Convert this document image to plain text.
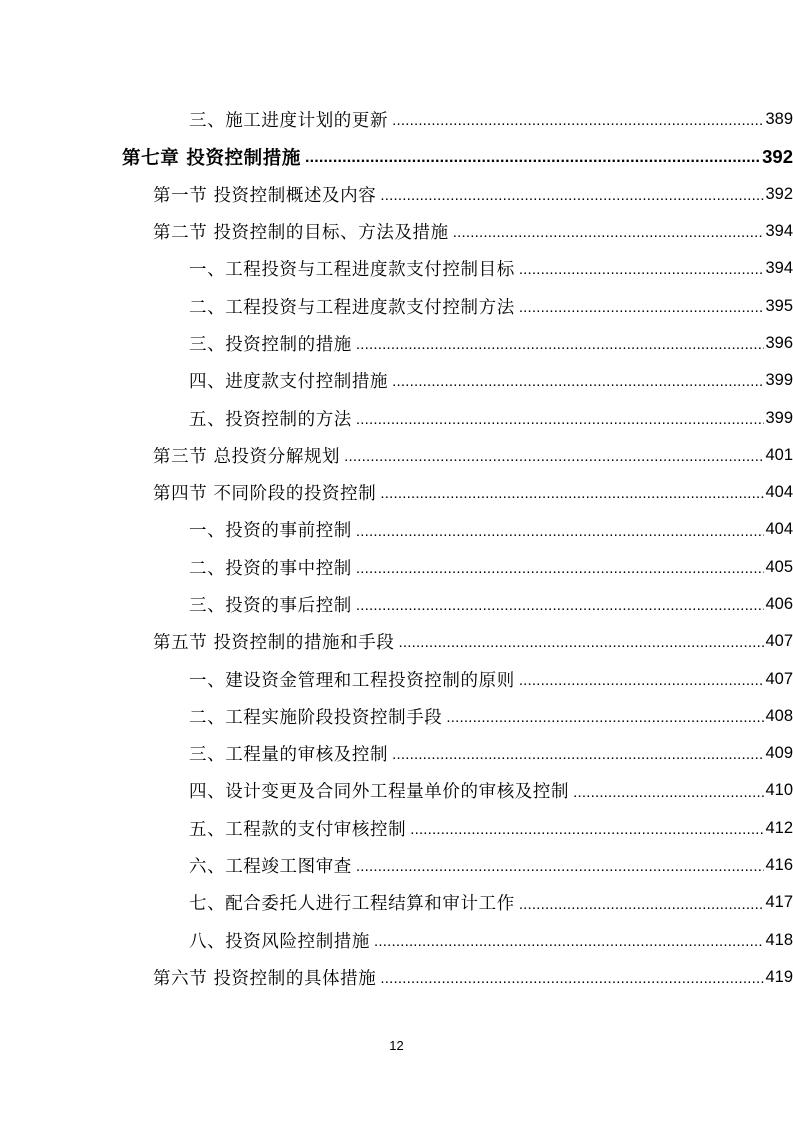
三、施工进度计划的更新 .....	389
第七章 投资控制措施 .....	392
第一节 投资控制概述及内容 .....	392
第二节 投资控制的目标、方法及措施 .....	394
一、工程投资与工程进度款支付控制目标 .....	394
二、工程投资与工程进度款支付控制方法 .....	395
三、投资控制的措施 .....	396
四、进度款支付控制措施 .....	399
五、投资控制的方法 .....	399
第三节 总投资分解规划 .....	401
第四节 不同阶段的投资控制 .....	404
一、投资的事前控制 .....	404
二、投资的事中控制 .....	405
三、投资的事后控制 .....	406
第五节 投资控制的措施和手段 .....	407
一、建设资金管理和工程投资控制的原则 .....	407
二、工程实施阶段投资控制手段 .....	408
三、工程量的审核及控制 .....	409
四、设计变更及合同外工程量单价的审核及控制 .....	410
五、工程款的支付审核控制 .....	412
六、工程竣工图审查 .....	416
七、配合委托人进行工程结算和审计工作 .....	417
八、投资风险控制措施 .....	418
第六节 投资控制的具体措施 .....	419
12
